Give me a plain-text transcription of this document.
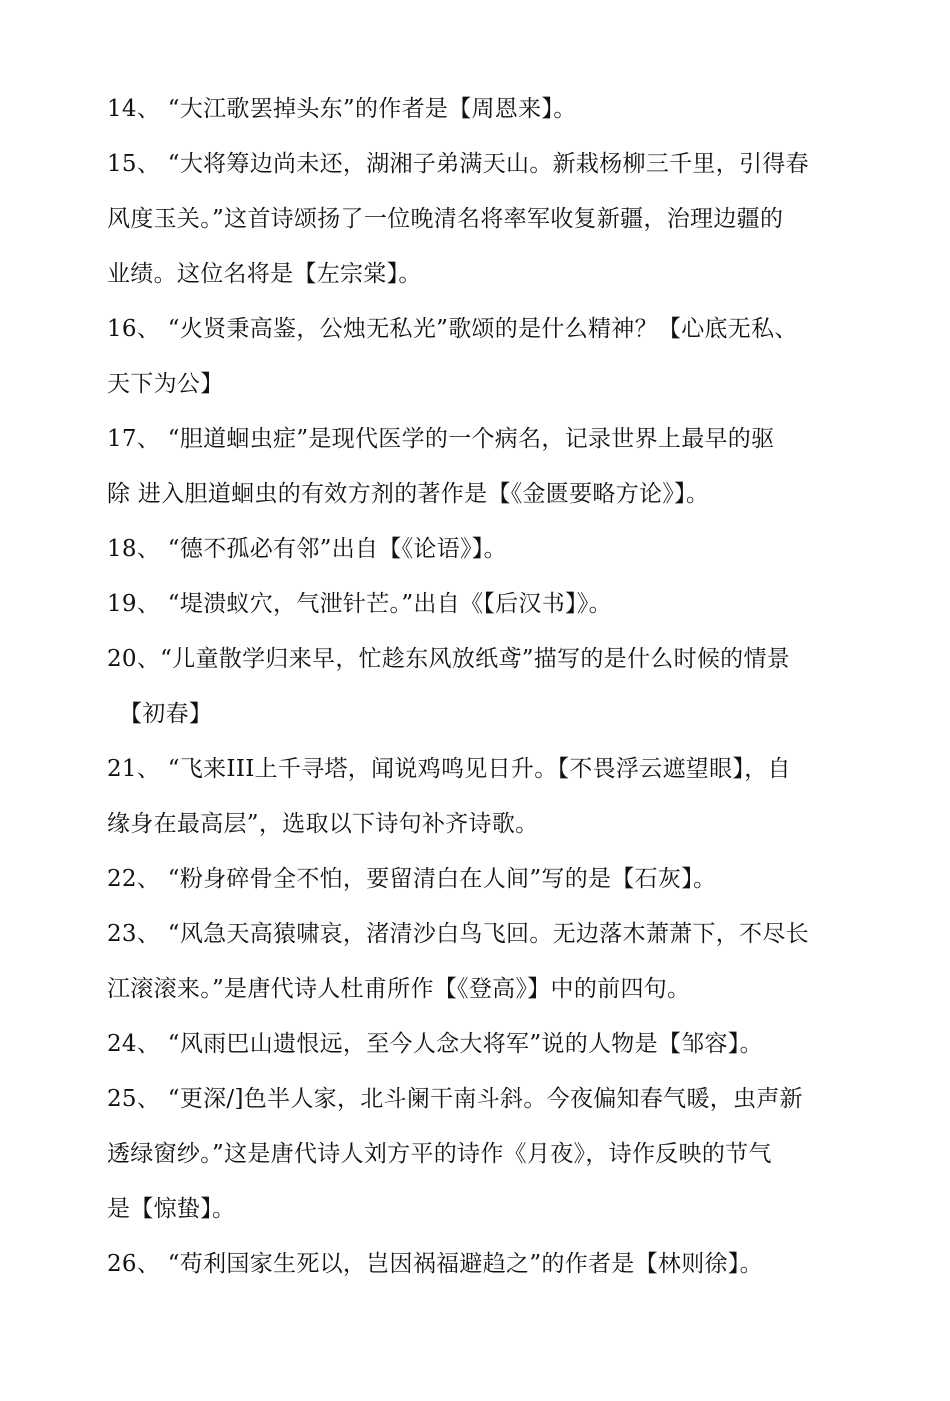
14、 “大江歌罢掉头东”的作者是【周恩来】。
15、 “大将筹边尚未还，湖湘子弟满天山。新栽杨柳三千里，引得春
风度玉关。”这首诗颂扬了一位晚清名将率军收复新疆，治理边疆的
业绩。这位名将是【左宗棠】。
16、 “火贤秉高鉴，公烛无私光”歌颂的是什么精神？【心底无私、
天下为公】
17、 “胆道蛔虫症”是现代医学的一个病名，记录世界上最早的驱
除 进入胆道蛔虫的有效方剂的著作是【《金匮要略方论》】。
18、 “德不孤必有邻”出自【《论语》】。
19、 “堤溃蚁穴，气泄针芒。”出自《【后汉书】》。
20、“儿童散学归来早，忙趁东风放纸鸢”描写的是什么时候的情景
【初春】
21、 “飞来III上千寻塔，闻说鸡鸣见日升。【不畏浮云遮望眼】，自
缘身在最高层”，选取以下诗句补齐诗歌。
22、 “粉身碎骨全不怕，要留清白在人间”写的是【石灰】。
23、 “风急天高猿啸哀，渚清沙白鸟飞回。无边落木萧萧下，不尽长
江滚滚来。”是唐代诗人杜甫所作【《登高》】中的前四句。
24、 “风雨巴山遗恨远，至今人念大将军”说的人物是【邹容】。
25、 “更深/]色半人家，北斗阑干南斗斜。今夜偏知春气暖，虫声新
透绿窗纱。”这是唐代诗人刘方平的诗作《月夜》，诗作反映的节气
是【惊蛰】。
26、 “苟利国家生死以，岂因祸福避趋之”的作者是【林则徐】。
